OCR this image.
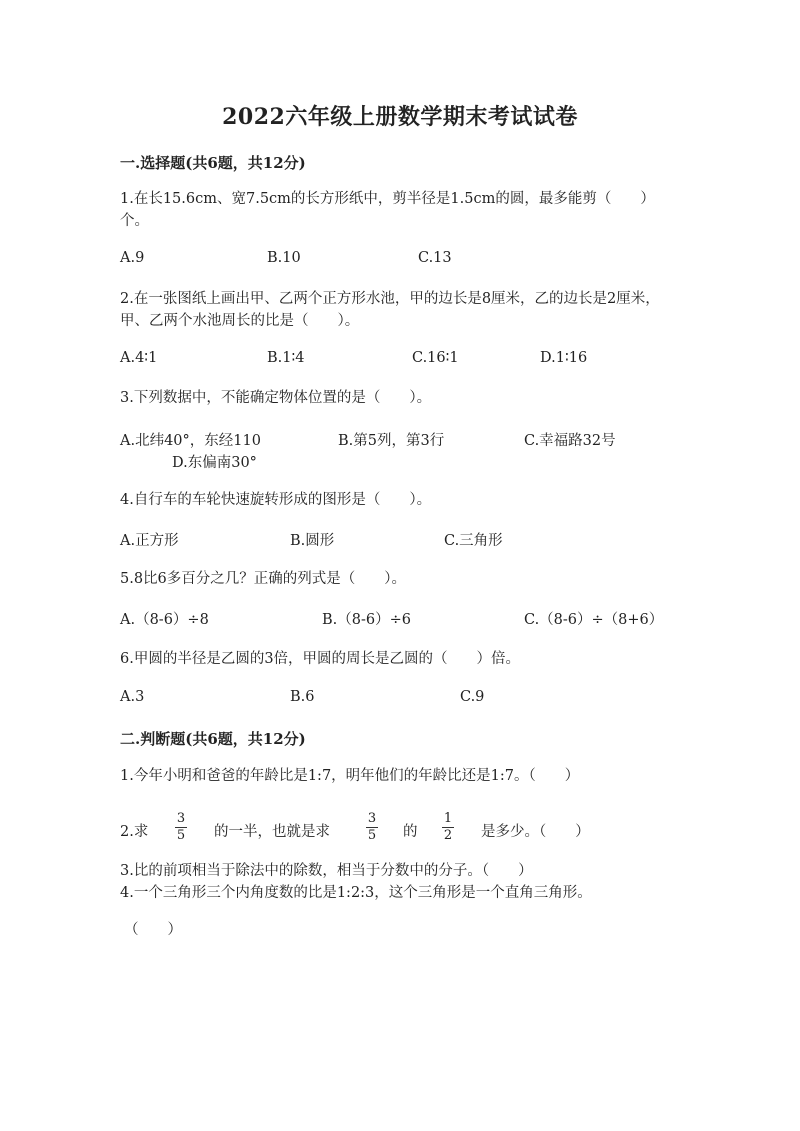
2022六年级上册数学期末考试试卷
一.选择题(共6题，共12分)
1.在长15.6cm、宽7.5cm的长方形纸中，剪半径是1.5cm的圆，最多能剪（　　）个。
A.9	B.10	C.13
2.在一张图纸上画出甲、乙两个正方形水池，甲的边长是8厘米，乙的边长是2厘米，甲、乙两个水池周长的比是（　　）。
A.4∶1	B.1∶4	C.16∶1	D.1∶16
3.下列数据中，不能确定物体位置的是（　　）。
A.北纬40°，东经110	B.第5列，第3行	C.幸福路32号
D.东偏南30°
4.自行车的车轮快速旋转形成的图形是（　　）。
A.正方形	B.圆形	C.三角形
5.8比6多百分之几？正确的列式是（　　）。
A.（8-6）÷8	B.（8-6）÷6	C.（8-6）÷（8+6）
6.甲圆的半径是乙圆的3倍，甲圆的周长是乙圆的（　　）倍。
A.3	B.6	C.9
二.判断题(共6题，共12分)
1.今年小明和爸爸的年龄比是1:7，明年他们的年龄比还是1:7。（　　）
2.求
3
5 的一半，也就是求
3
5 的
1
2 是多少。（　　）
3.比的前项相当于除法中的除数，相当于分数中的分子。（　　）
4.一个三角形三个内角度数的比是1:2:3，这个三角形是一个直角三角形。
（　　）
